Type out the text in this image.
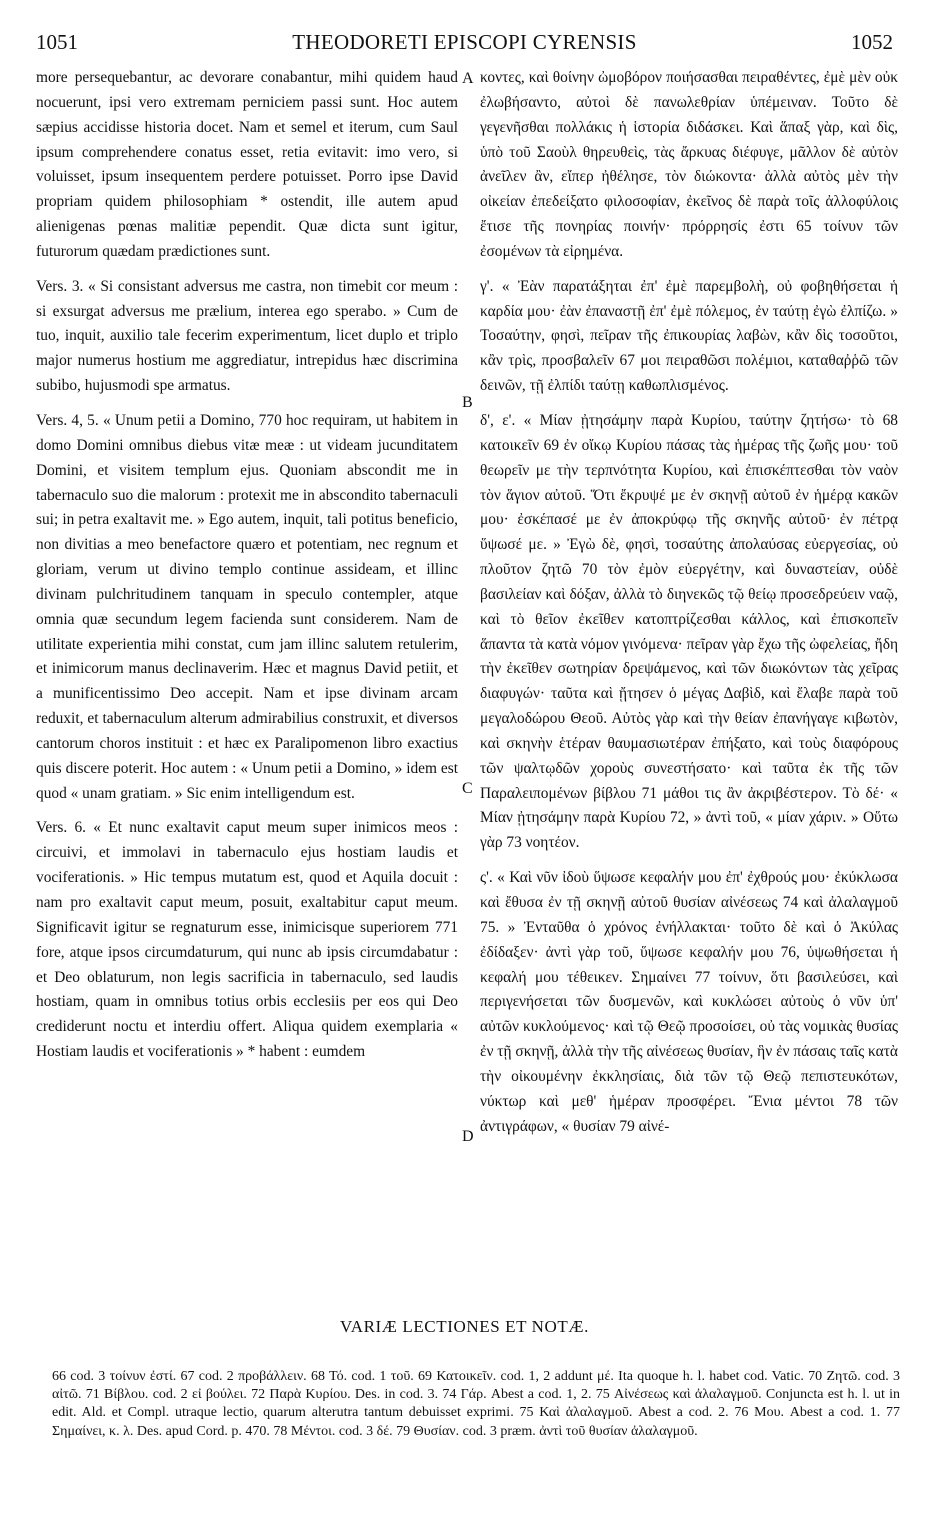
THEODORETI EPISCOPI CYRENSIS
1051	1052

more persequebantur, ac devorare conabantur, mihi quidem haud nocuerunt, ipsi vero extremam perniciem passi sunt. Hoc autem sæpius accidisse historia docet. Nam et semel et iterum, cum Saul ipsum comprehendere conatus esset, retia evitavit: imo vero, si voluisset, ipsum insequentem perdere potuisset. Porro ipse David propriam quidem philosophiam * ostendit, ille autem apud alienigenas pœnas malitiæ pependit. Quæ dicta sunt igitur, futurorum quædam prædictiones sunt.

Vers. 3. « Si consistant adversus me castra, non timebit cor meum : si exsurgat adversus me prælium, interea ego sperabo. » Cum de tuo, inquit, auxilio tale fecerim experimentum, licet duplo et triplo major numerus hostium me aggrediatur, intrepidus hæc discrimina subibo, hujusmodi spe armatus.

Vers. 4, 5. « Unum petii a Domino, 770 hoc requiram, ut habitem in domo Domini omnibus diebus vitæ meæ : ut videam jucunditatem Domini, et visitem templum ejus. Quoniam abscondit me in tabernaculo suo die malorum : protexit me in abscondito tabernaculi sui; in petra exaltavit me. » Ego autem, inquit, tali potitus beneficio, non divitias a meo benefactore quæro et potentiam, nec regnum et gloriam, verum ut divino templo continue assideam, et illinc divinam pulchritudinem tanquam in speculo contempler, atque omnia quæ secundum legem facienda sunt considerem. Nam de utilitate experientia mihi constat, cum jam illinc salutem retulerim, et inimicorum manus declinaverim. Hæc et magnus David petiit, et a munificentissimo Deo accepit. Nam et ipse divinam arcam reduxit, et tabernaculum alterum admirabilius construxit, et diversos cantorum choros instituit : et hæc ex Paralipomenon libro exactius quis discere poterit. Hoc autem : « Unum petii a Domino, » idem est quod « unam gratiam. » Sic enim intelligendum est.

Vers. 6. « Et nunc exaltavit caput meum super inimicos meos : circuivi, et immolavi in tabernaculo ejus hostiam laudis et vociferationis. » Hic tempus mutatum est, quod et Aquila docuit : nam pro exaltavit caput meum, posuit, exaltabitur caput meum. Significavit igitur se regnaturum esse, inimicisque superiorem 771 fore, atque ipsos circumdaturum, qui nunc ab ipsis circumdabatur : et Deo oblaturum, non legis sacrificia in tabernaculo, sed laudis hostiam, quam in omnibus totius orbis ecclesiis per eos qui Deo crediderunt noctu et interdiu offert. Aliqua quidem exemplaria « Hostiam laudis et vociferationis » * habent : eumdem

κοντες, καὶ θοίνην ὠμοβόρον ποιήσασθαι πειραθέντες, ἐμὲ μὲν οὐκ ἐλωβήσαντο, αὐτοὶ δὲ πανωλεθρίαν ὑπέμειναν. Τοῦτο δὲ γεγενῆσθαι πολλάκις ἡ ἱστορία διδάσκει. Καὶ ἅπαξ γὰρ, καὶ δὶς, ὑπὸ τοῦ Σαοὺλ θηρευθεὶς, τὰς ἄρκυας διέφυγε, μᾶλλον δὲ αὐτὸν ἀνεῖλεν ἂν, εἴπερ ἠθέλησε, τὸν διώκοντα· ἀλλὰ αὐτὸς μὲν τὴν οἰκείαν ἐπεδείξατο φιλοσοφίαν, ἐκεῖνος δὲ παρὰ τοῖς ἀλλοφύλοις ἔτισε τῆς πονηρίας ποινήν· πρόρρησίς ἐστι 65 τοίνυν τῶν ἐσομένων τὰ εἰρημένα.

γ'. « Ἐὰν παρατάξηται ἐπ' ἐμὲ παρεμβολὴ, οὐ φοβηθήσεται ἡ καρδία μου· ἐὰν ἐπαναστῇ ἐπ' ἐμὲ πόλεμος, ἐν ταύτῃ ἐγὼ ἐλπίζω. » Τοσαύτην, φησὶ, πεῖραν τῆς ἐπικουρίας λαβὼν, κἂν δὶς τοσοῦτοι, κἂν τρὶς, προσβαλεῖν 67 μοι πειραθῶσι πολέμιοι, καταθαῤῥῶ τῶν δεινῶν, τῇ ἐλπίδι ταύτῃ καθωπλισμένος.

δ', ε'. « Μίαν ᾐτησάμην παρὰ Κυρίου, ταύτην ζητήσω· τὸ 68 κατοικεῖν 69 ἐν οἴκῳ Κυρίου πάσας τὰς ἡμέρας τῆς ζωῆς μου· τοῦ θεωρεῖν με τὴν τερπνότητα Κυρίου, καὶ ἐπισκέπτεσθαι τὸν ναὸν τὸν ἅγιον αὐτοῦ. Ὅτι ἔκρυψέ με ἐν σκηνῇ αὐτοῦ ἐν ἡμέρᾳ κακῶν μου· ἐσκέπασέ με ἐν ἀποκρύφῳ τῆς σκηνῆς αὐτοῦ· ἐν πέτρᾳ ὕψωσέ με. » Ἐγὼ δὲ, φησὶ, τοσαύτης ἀπολαύσας εὐεργεσίας, οὐ πλοῦτον ζητῶ 70 τὸν ἐμὸν εὐεργέτην, καὶ δυναστείαν, οὐδὲ βασιλείαν καὶ δόξαν, ἀλλὰ τὸ διηνεκῶς τῷ θείῳ προσεδρεύειν ναῷ, καὶ τὸ θεῖον ἐκεῖθεν κατοπτρίζεσθαι κάλλος, καὶ ἐπισκοπεῖν ἅπαντα τὰ κατὰ νόμον γινόμενα· πεῖραν γὰρ ἔχω τῆς ὠφελείας, ἤδη τὴν ἐκεῖθεν σωτηρίαν δρεψάμενος, καὶ τῶν διωκόντων τὰς χεῖρας διαφυγών· ταῦτα καὶ ᾔτησεν ὁ μέγας Δαβὶδ, καὶ ἔλαβε παρὰ τοῦ μεγαλοδώρου Θεοῦ. Αὐτὸς γὰρ καὶ τὴν θείαν ἐπανήγαγε κιβωτὸν, καὶ σκηνὴν ἑτέραν θαυμασιωτέραν ἐπήξατο, καὶ τοὺς διαφόρους τῶν ψαλτῳδῶν χοροὺς συνεστήσατο· καὶ ταῦτα ἐκ τῆς τῶν Παραλειπομένων βίβλου 71 μάθοι τις ἂν ἀκριβέστερον. Τὸ δέ· « Μίαν ᾐτησάμην παρὰ Κυρίου 72, » ἀντὶ τοῦ, « μίαν χάριν. » Οὕτω γὰρ 73 νοητέον.

ς'. « Καὶ νῦν ἰδοὺ ὕψωσε κεφαλήν μου ἐπ' ἐχθρούς μου· ἐκύκλωσα καὶ ἔθυσα ἐν τῇ σκηνῇ αὐτοῦ θυσίαν αἰνέσεως 74 καὶ ἀλαλαγμοῦ 75. » Ἐνταῦθα ὁ χρόνος ἐνήλλακται· τοῦτο δὲ καὶ ὁ Ἀκύλας ἐδίδαξεν· ἀντὶ γὰρ τοῦ, ὕψωσε κεφαλήν μου 76, ὑψωθήσεται ἡ κεφαλή μου τέθεικεν. Σημαίνει 77 τοίνυν, ὅτι βασιλεύσει, καὶ περιγενήσεται τῶν δυσμενῶν, καὶ κυκλώσει αὐτοὺς ὁ νῦν ὑπ' αὐτῶν κυκλούμενος· καὶ τῷ Θεῷ προσοίσει, οὐ τὰς νομικὰς θυσίας ἐν τῇ σκηνῇ, ἀλλὰ τὴν τῆς αἰνέσεως θυσίαν, ἣν ἐν πάσαις ταῖς κατὰ τὴν οἰκουμένην ἐκκλησίαις, διὰ τῶν τῷ Θεῷ πεπιστευκότων, νύκτωρ καὶ μεθ' ἡμέραν προσφέρει. Ἔνια μέντοι 78 τῶν ἀντιγράφων, « θυσίαν 79 αἰνέ-

A
B
C
D
VARIÆ LECTIONES ET NOTÆ.

66 cod. 3 τοίνυν ἐστί. 67 cod. 2 προβάλλειν. 68 Τό. cod. 1 τοῦ. 69 Κατοικεῖν. cod. 1, 2 addunt μέ. Ita quoque h. l. habet cod. Vatic. 70 Ζητῶ. cod. 3 αἰτῶ. 71 Βίβλου. cod. 2 εἰ βούλει. 72 Παρὰ Κυρίου. Des. in cod. 3. 74 Γάρ. Abest a cod. 1, 2. 75 Αἰνέσεως καὶ ἀλαλαγμοῦ. Conjuncta est h. l. ut in edit. Ald. et Compl. utraque lectio, quarum alterutra tantum debuisset exprimi. 75 Καὶ ἀλαλαγμοῦ. Abest a cod. 2. 76 Μου. Abest a cod. 1. 77 Σημαίνει, κ. λ. Des. apud Cord. p. 470. 78 Μέντοι. cod. 3 δέ. 79 Θυσίαν. cod. 3 præm. ἀντὶ τοῦ θυσίαν ἀλαλαγμοῦ.
